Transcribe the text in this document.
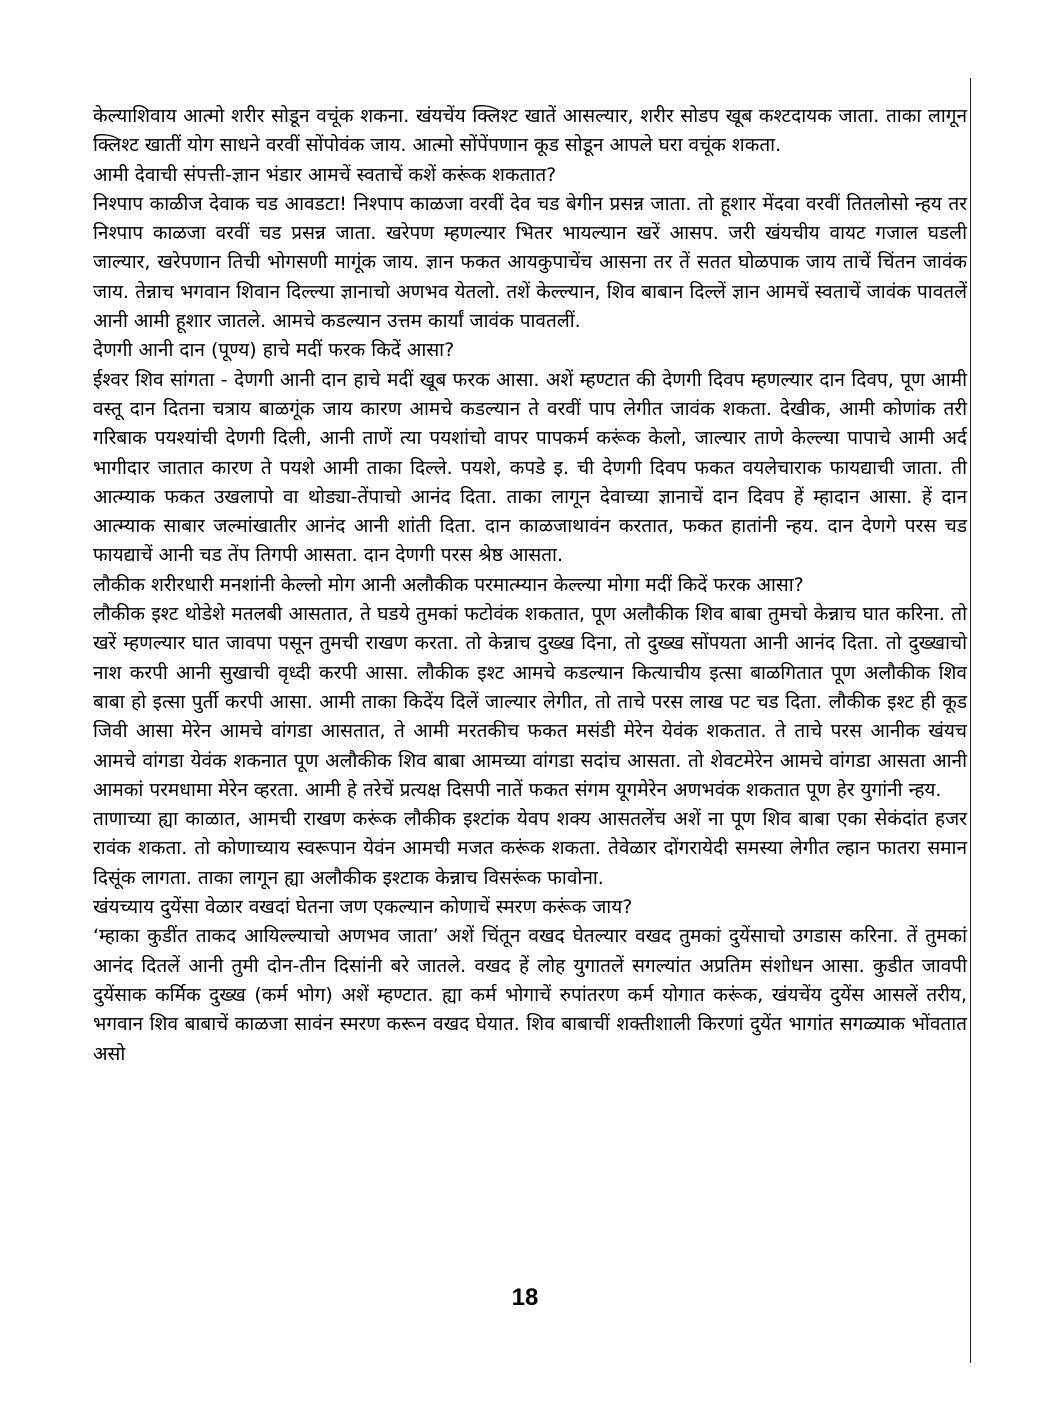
केल्याशिवाय आत्मो शरीर सोडून वचूंक शकना. खंयचेंय क्लिश्ट खातें आसल्यार, शरीर सोडप खूब कश्टदायक जाता. ताका लागून क्लिश्ट खातीं योग साधने वरवीं सोंपोवंक जाय. आत्मो सोंपेंपणान कूड सोडून आपले घरा वचूंक शकता.

आमी देवाची संपत्ती-ज्ञान भंडार आमचें स्वताचें कशें करूंक शकतात?

निश्पाप काळीज देवाक चड आवडटा! निश्पाप काळजा वरवीं देव चड बेगीन प्रसन्न जाता. तो हूशार मेंदवा वरवीं तितलोसो न्हय तर निश्पाप काळजा वरवीं चड प्रसन्न जाता. खरेपण म्हणल्यार भितर भायल्यान खरें आसप. जरी खंयचीय वायट गजाल घडली जाल्यार, खरेपणान तिची भोगसणी मागूंक जाय. ज्ञान फकत आयकुपाचेंच आसना तर तें सतत घोळपाक जाय ताचें चिंतन जावंक जाय. तेन्नाच भगवान शिवान दिल्ल्या ज्ञानाचो अणभव येतलो. तशें केल्ल्यान, शिव बाबान दिल्लें ज्ञान आमचें स्वताचें जावंक पावतलें आनी आमी हूशार जातले. आमचे कडल्यान उत्तम कार्यां जावंक पावतलीं.

देणगी आनी दान (पूण्य) हाचे मदीं फरक किदें आसा?

ईश्वर शिव सांगता - देणगी आनी दान हाचे मदीं खूब फरक आसा. अशें म्हण्टात की देणगी दिवप म्हणल्यार दान दिवप, पूण आमी वस्तू दान दितना चत्राय बाळगूंक जाय कारण आमचे कडल्यान ते वरवीं पाप लेगीत जावंक शकता. देखीक, आमी कोणांक तरी गरिबाक पयश्यांची देणगी दिली, आनी ताणें त्या पयशांचो वापर पापकर्म करूंक केलो, जाल्यार ताणे केल्ल्या पापाचे आमी अर्द भागीदार जातात कारण ते पयशे आमी ताका दिल्ले. पयशे, कपडे इ. ची देणगी दिवप फकत वयलेचाराक फायद्याची जाता. ती आत्म्याक फकत उखलापो वा थोड्या-तेंपाचो आनंद दिता. ताका लागून देवाच्या ज्ञानाचें दान दिवप हें म्हादान आसा. हें दान आत्म्याक साबार जल्मांखातीर आनंद आनी शांती दिता. दान काळजाथावंन करतात, फकत हातांनी न्हय. दान देणगे परस चड फायद्याचें आनी चड तेंप तिगपी आसता. दान देणगी परस श्रेष्ठ आसता.

लौकीक शरीरधारी मनशांनी केल्लो मोग आनी अलौकीक परमात्म्यान केल्ल्या मोगा मदीं किदें फरक आसा?

लौकीक इश्ट थोडेशे मतलबी आसतात, ते घडये तुमकां फटोवंक शकतात, पूण अलौकीक शिव बाबा तुमचो केन्नाच घात करिना. तो खरें म्हणल्यार घात जावपा पसून तुमची राखण करता. तो केन्नाच दुख्ख दिना, तो दुख्ख सोंपयता आनी आनंद दिता. तो दुख्खाचो नाश करपी आनी सुखाची वृध्दी करपी आसा. लौकीक इश्ट आमचे कडल्यान कित्याचीय इत्सा बाळगितात पूण अलौकीक शिव बाबा हो इत्सा पुर्ती करपी आसा. आमी ताका किदेंय दिलें जाल्यार लेगीत, तो ताचे परस लाख पट चड दिता. लौकीक इश्ट ही कूड जिवी आसा मेरेन आमचे वांगडा आसतात, ते आमी मरतकीच फकत मसंडी मेरेन येवंक शकतात. ते ताचे परस आनीक खंयच आमचे वांगडा येवंक शकनात पूण अलौकीक शिव बाबा आमच्या वांगडा सदांच आसता. तो शेवटमेरेन आमचे वांगडा आसता आनी आमकां परमधामा मेरेन व्हरता. आमी हे तरेचें प्रत्यक्ष दिसपी नातें फकत संगम यूगमेरेन अणभवंक शकतात पूण हेर युगांनी न्हय.

ताणाच्या ह्या काळात, आमची राखण करूंक लौकीक इश्टांक येवप शक्य आसतलेंच अशें ना पूण शिव बाबा एका सेकंदांत हजर रावंक शकता. तो कोणाच्याय स्वरूपान येवंन आमची मजत करूंक शकता. तेवेळार दोंगरायेदी समस्या लेगीत ल्हान फातरा समान दिसूंक लागता. ताका लागून ह्या अलौकीक इश्टाक केन्नाच विसरूंक फावोना.

खंयच्याय दुयेंसा वेळार वखदां घेतना जण एकल्यान कोणाचें स्मरण करूंक जाय?

‘म्हाका कुडींत ताकद आयिल्ल्याचो अणभव जाता’ अशें चिंतून वखद घेतल्यार वखद तुमकां दुयेंसाचो उगडास करिना. तें तुमकां आनंद दितलें आनी तुमी दोन-तीन दिसांनी बरे जातले. वखद हें लोह युगातलें सगल्यांत अप्रतिम संशोधन आसा. कुडीत जावपी दुयेंसाक कर्मिक दुख्ख (कर्म भोग) अशें म्हण्टात. ह्या कर्म भोगाचें रुपांतरण कर्म योगात करूंक, खंयचेंय दुयेंस आसलें तरीय, भगवान शिव बाबाचें काळजा सावंन स्मरण करून वखद घेयात. शिव बाबाचीं शक्तीशाली किरणां दुयेंत भागांत सगळ्याक भोंवतात असो

18
